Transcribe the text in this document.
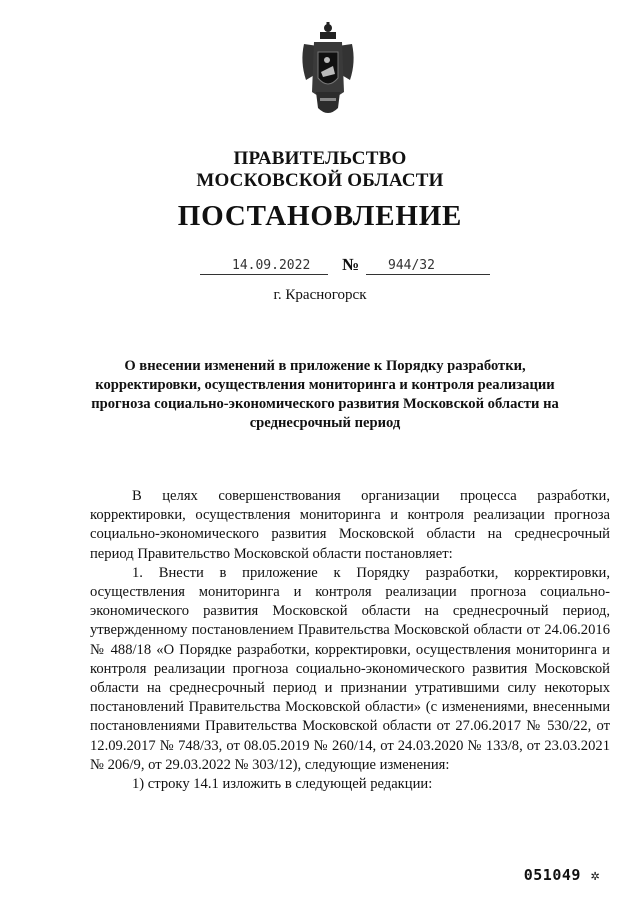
ПРАВИТЕЛЬСТВО
МОСКОВСКОЙ ОБЛАСТИ
ПОСТАНОВЛЕНИЕ
14.09.2022 № 944/32
г. Красногорск
О внесении изменений в приложение к Порядку разработки, корректировки, осуществления мониторинга и контроля реализации прогноза социально-экономического развития Московской области на среднесрочный период

В целях совершенствования организации процесса разработки, корректировки, осуществления мониторинга и контроля реализации прогноза социально-экономического развития Московской области на среднесрочный период Правительство Московской области постановляет:

1. Внести в приложение к Порядку разработки, корректировки, осуществления мониторинга и контроля реализации прогноза социально-экономического развития Московской области на среднесрочный период, утвержденному постановлением Правительства Московской области от 24.06.2016 № 488/18 «О Порядке разработки, корректировки, осуществления мониторинга и контроля реализации прогноза социально-экономического развития Московской области на среднесрочный период и признании утратившими силу некоторых постановлений Правительства Московской области» (с изменениями, внесенными постановлениями Правительства Московской области от 27.06.2017 № 530/22, от 12.09.2017 № 748/33, от 08.05.2019 № 260/14, от 24.03.2020 № 133/8, от 23.03.2021 № 206/9, от 29.03.2022 № 303/12), следующие изменения:

1) строку 14.1 изложить в следующей редакции:

051049 ✲
